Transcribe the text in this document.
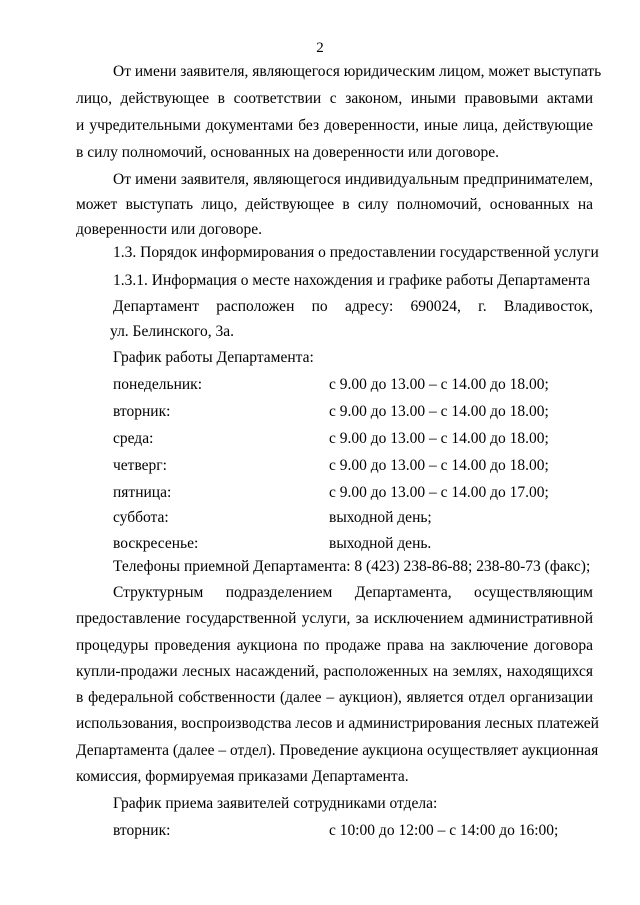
2
От имени заявителя, являющегося юридическим лицом, может выступать
лицо, действующее в соответствии с законом, иными правовыми актами
и учредительными документами без доверенности, иные лица, действующие
в силу полномочий, основанных на доверенности или договоре.
От имени заявителя, являющегося индивидуальным предпринимателем,
может выступать лицо, действующее в силу полномочий, основанных на
доверенности или договоре.
1.3. Порядок информирования о предоставлении государственной услуги
1.3.1. Информация о месте нахождения и графике работы Департамента
Департамент расположен по адресу: 690024, г. Владивосток,
ул. Белинского, 3а.
График работы Департамента:
понедельник:	с 9.00 до 13.00 – с 14.00 до 18.00;
вторник:	с 9.00 до 13.00 – с 14.00 до 18.00;
среда:	с 9.00 до 13.00 – с 14.00 до 18.00;
четверг:	с 9.00 до 13.00 – с 14.00 до 18.00;
пятница:	с 9.00 до 13.00 – с 14.00 до 17.00;
суббота:	выходной день;
воскресенье:	выходной день.
Телефоны приемной Департамента: 8 (423) 238-86-88; 238-80-73 (факс);
Структурным подразделением Департамента, осуществляющим
предоставление государственной услуги, за исключением административной
процедуры проведения аукциона по продаже права на заключение договора
купли-продажи лесных насаждений, расположенных на землях, находящихся
в федеральной собственности (далее – аукцион), является отдел организации
использования, воспроизводства лесов и администрирования лесных платежей
Департамента (далее – отдел). Проведение аукциона осуществляет аукционная
комиссия, формируемая приказами Департамента.
График приема заявителей сотрудниками отдела:
вторник:	с 10:00 до 12:00 – с 14:00 до 16:00;
